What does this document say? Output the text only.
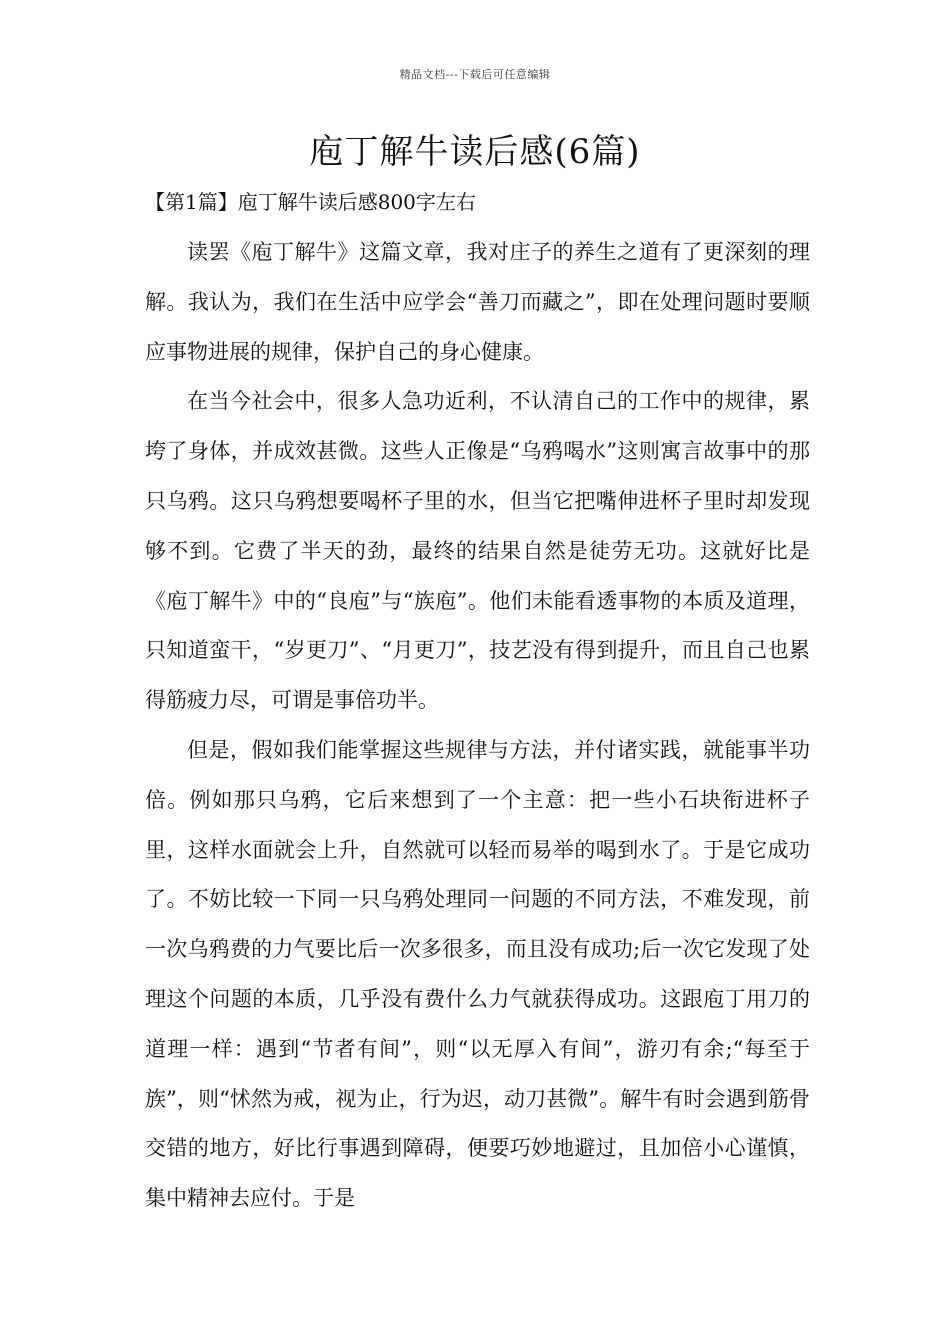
精品文档---下载后可任意编辑
庖丁解牛读后感(6篇)
【第1篇】庖丁解牛读后感800字左右

读罢《庖丁解牛》这篇文章，我对庄子的养生之道有了更深刻的理解。我认为，我们在生活中应学会“善刀而藏之”，即在处理问题时要顺应事物进展的规律，保护自己的身心健康。

在当今社会中，很多人急功近利，不认清自己的工作中的规律，累垮了身体，并成效甚微。这些人正像是“乌鸦喝水”这则寓言故事中的那只乌鸦。这只乌鸦想要喝杯子里的水，但当它把嘴伸进杯子里时却发现够不到。它费了半天的劲，最终的结果自然是徒劳无功。这就好比是《庖丁解牛》中的“良庖”与“族庖”。他们未能看透事物的本质及道理，只知道蛮干，“岁更刀”、“月更刀”，技艺没有得到提升，而且自己也累得筋疲力尽，可谓是事倍功半。

但是，假如我们能掌握这些规律与方法，并付诸实践，就能事半功倍。例如那只乌鸦，它后来想到了一个主意：把一些小石块衔进杯子里，这样水面就会上升，自然就可以轻而易举的喝到水了。于是它成功了。不妨比较一下同一只乌鸦处理同一问题的不同方法，不难发现，前一次乌鸦费的力气要比后一次多很多，而且没有成功;后一次它发现了处理这个问题的本质，几乎没有费什么力气就获得成功。这跟庖丁用刀的道理一样：遇到“节者有间”，则“以无厚入有间”，游刃有余;“每至于族”，则“怵然为戒，视为止，行为迟，动刀甚微”。解牛有时会遇到筋骨交错的地方，好比行事遇到障碍，便要巧妙地避过，且加倍小心谨慎，集中精神去应付。于是
